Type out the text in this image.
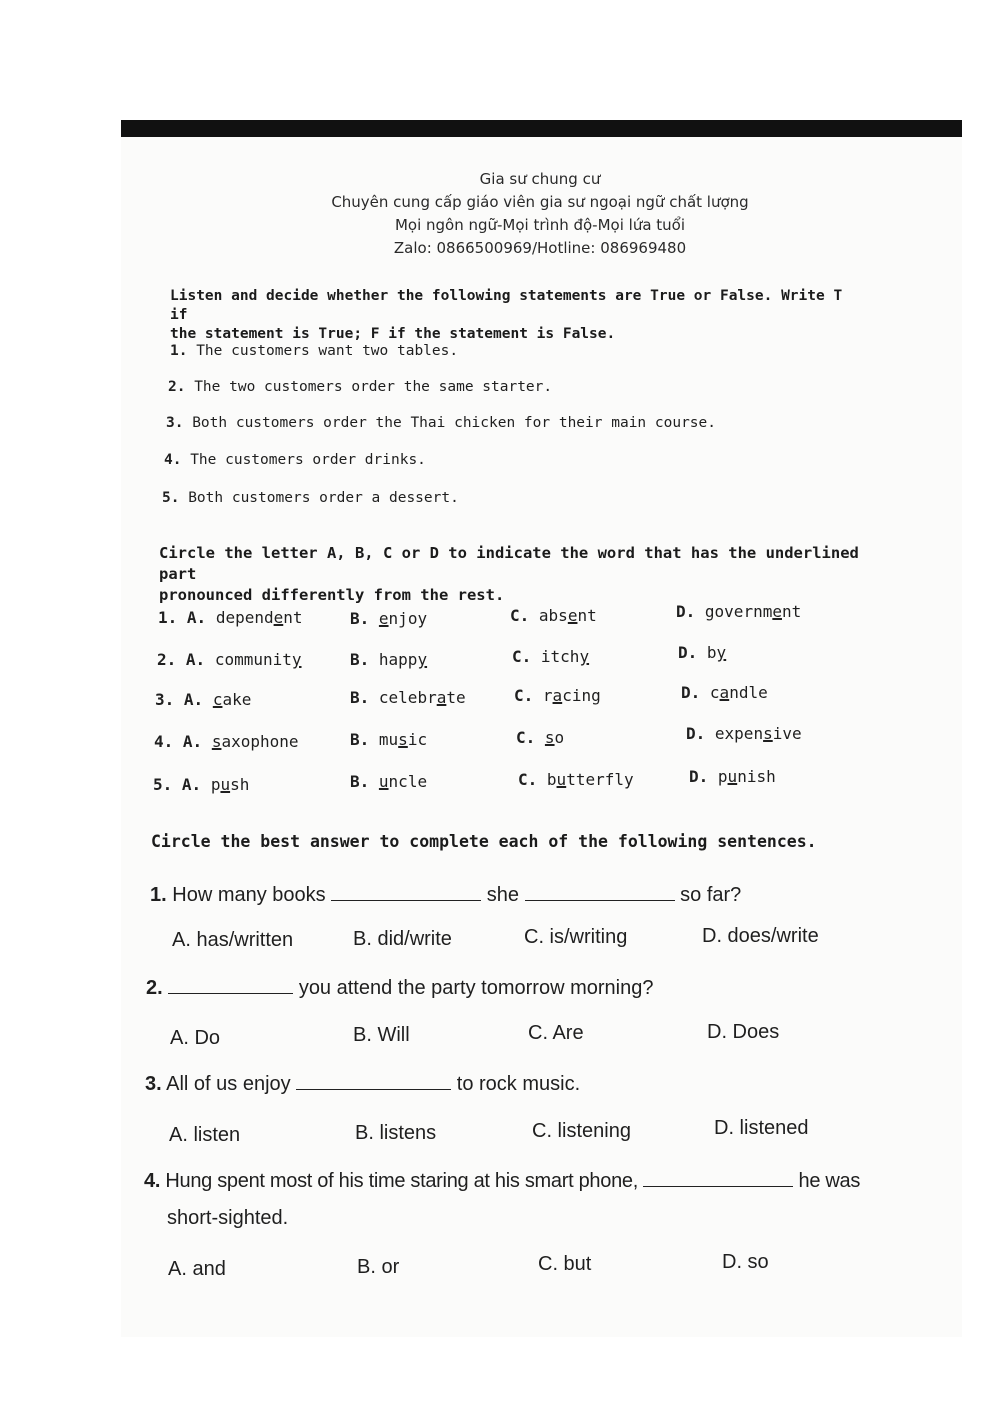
Gia sư chung cư
Chuyên cung cấp giáo viên gia sư ngoại ngữ chất lượng
Mọi ngôn ngữ-Mọi trình độ-Mọi lứa tuổi
Zalo: 0866500969/Hotline: 086969480
Listen and decide whether the following statements are True or False. Write T if
the statement is True; F if the statement is False.
1. The customers want two tables.
2. The two customers order the same starter.
3. Both customers order the Thai chicken for their main course.
4. The customers order drinks.
5. Both customers order a dessert.
Circle the letter A, B, C or D to indicate the word that has the underlined part
pronounced differently from the rest.
1. A. dependent	B. enjoy	C. absent	D. government
2. A. community	B. happy	C. itchy	D. by
3. A. cake	B. celebrate	C. racing	D. candle
4. A. saxophone	B. music	C. so	D. expensive
5. A. push	B. uncle	C. butterfly	D. punish
Circle the best answer to complete each of the following sentences.
1. How many books	she	so far?
A. has/written	B. did/write	C. is/writing	D. does/write
2.	you attend the party tomorrow morning?
A. Do	B. Will	C. Are	D. Does
3. All of us enjoy	to rock music.
A. listen	B. listens	C. listening	D. listened
4. Hung spent most of his time staring at his smart phone,	he was
short-sighted.
A. and	B. or	C. but	D. so
